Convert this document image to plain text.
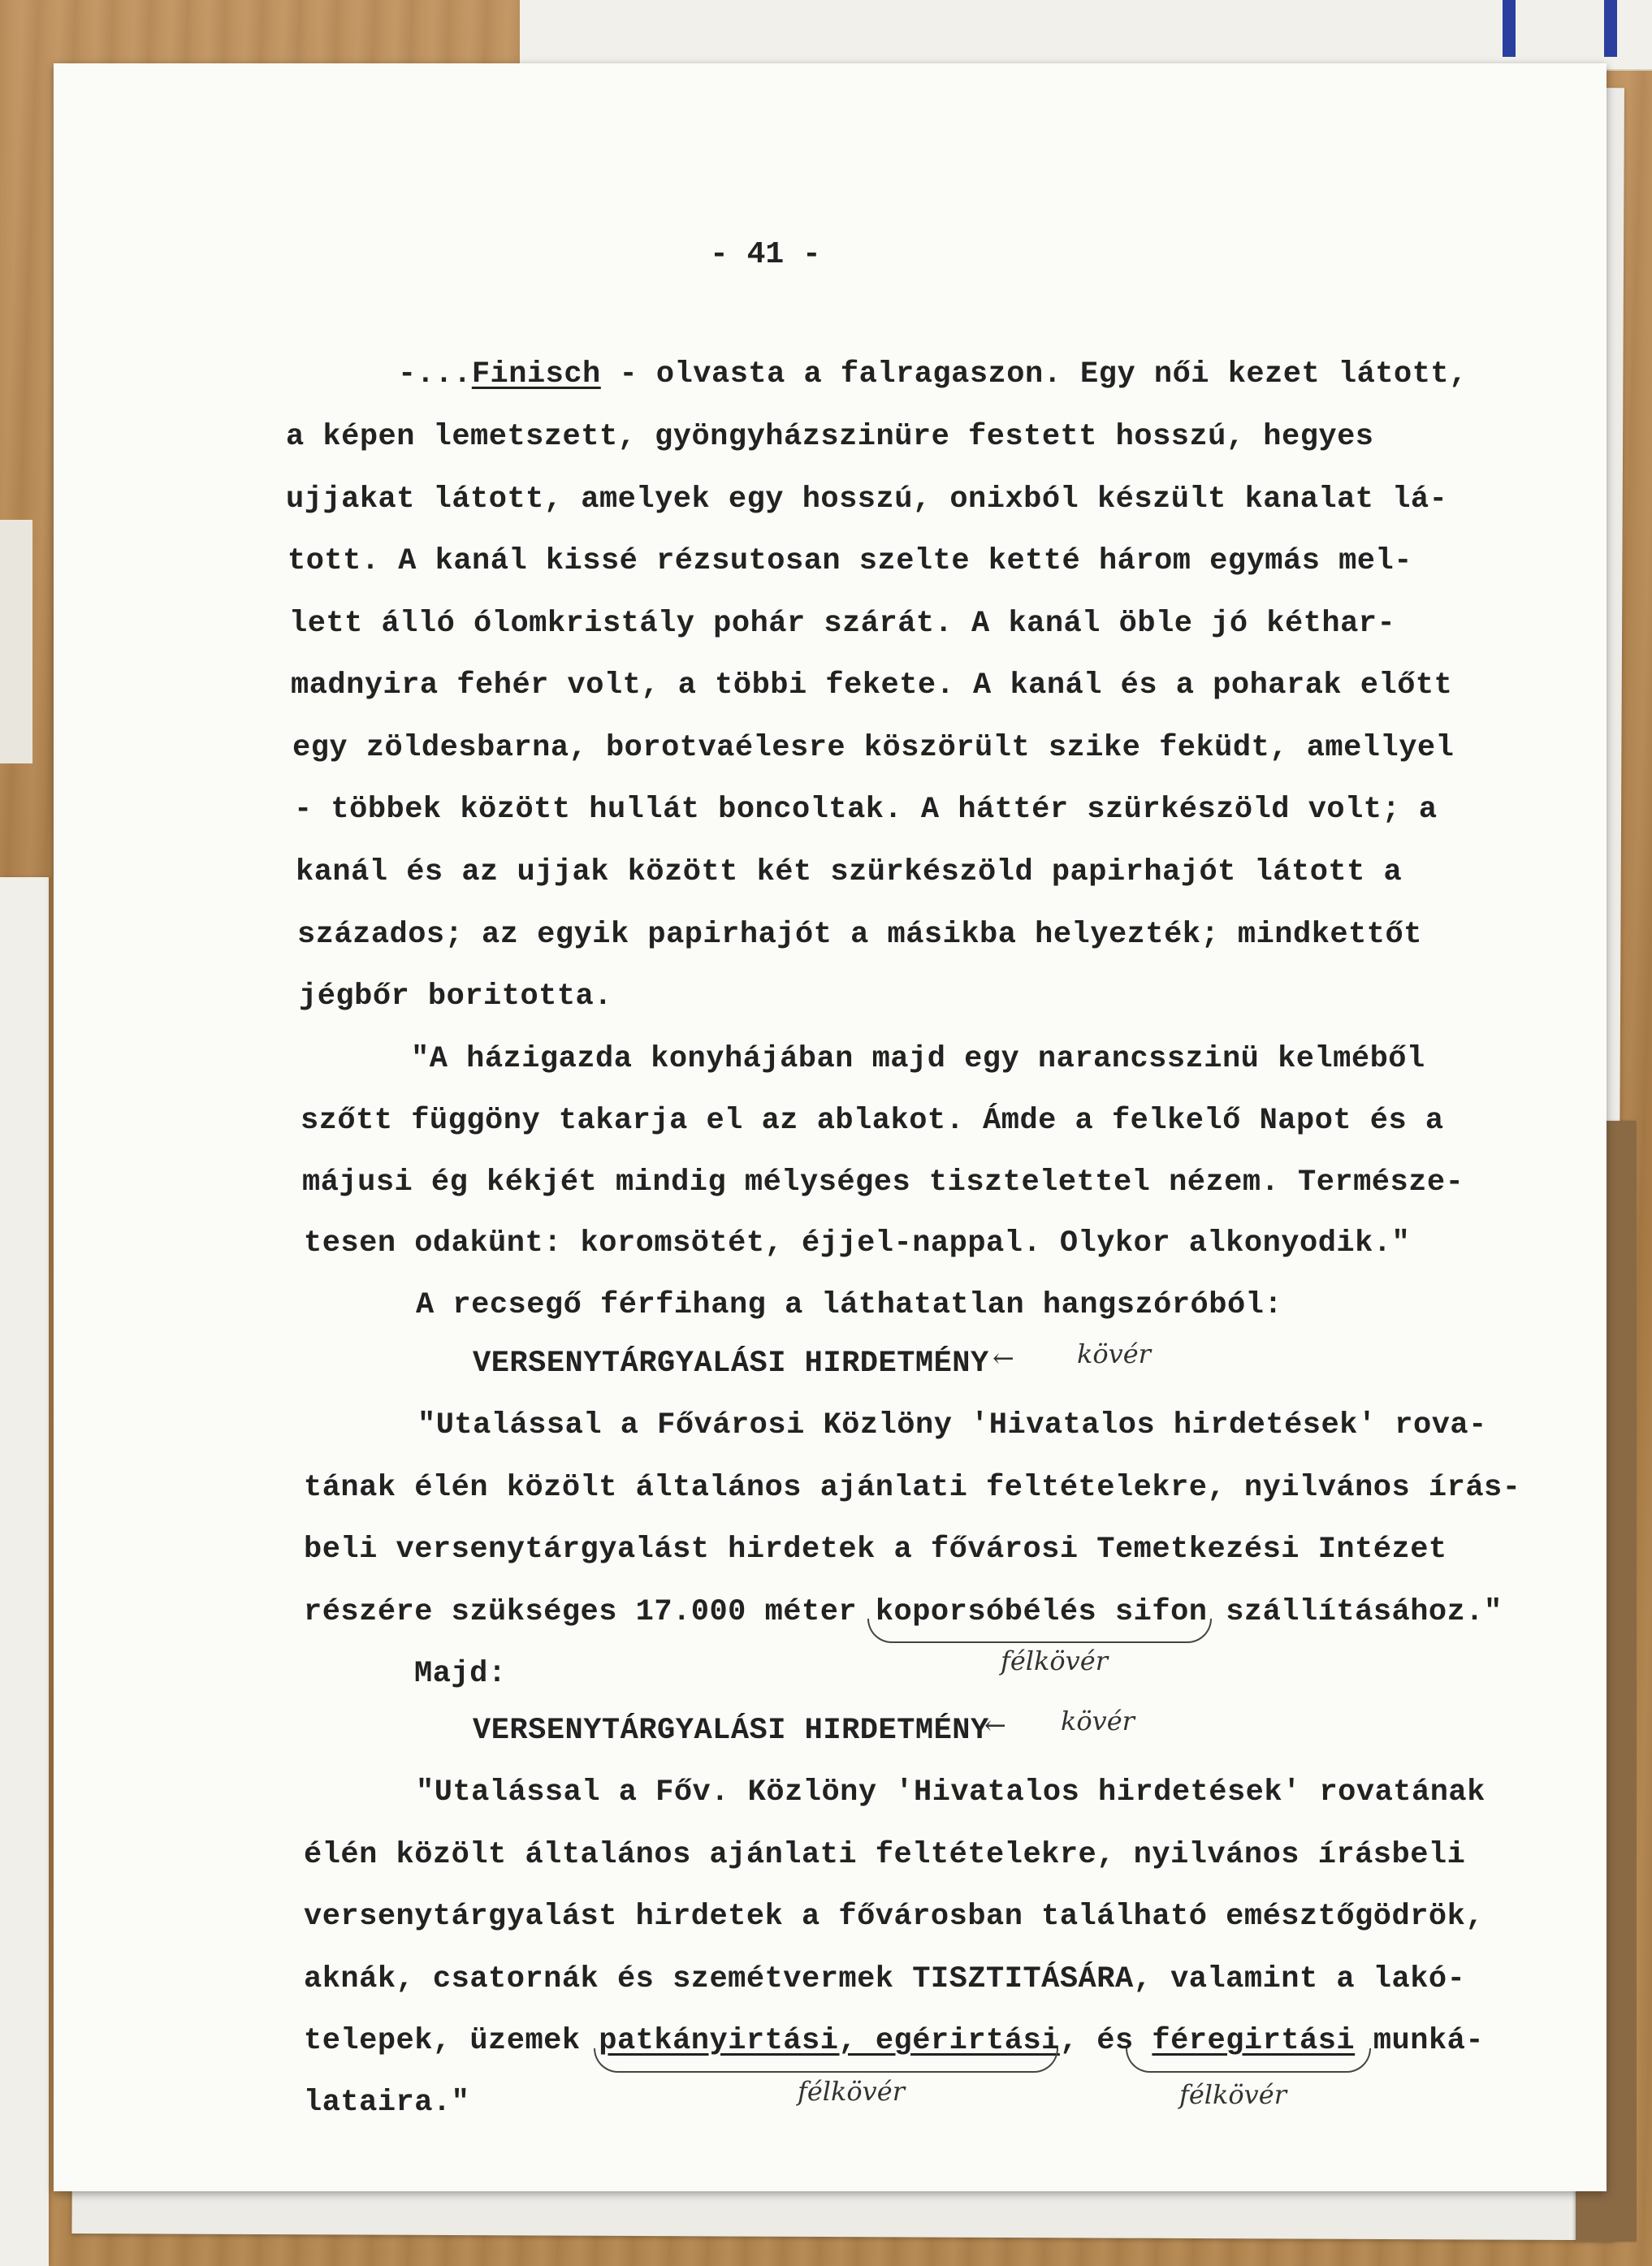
- 41 -
-...Finisch - olvasta a falragaszon. Egy női kezet látott,
a képen lemetszett, gyöngyházszinüre festett hosszú, hegyes
ujjakat látott, amelyek egy hosszú, onixból készült kanalat lá-
tott. A kanál kissé rézsutosan szelte ketté három egymás mel-
lett álló ólomkristály pohár szárát. A kanál öble jó kéthar-
madnyira fehér volt, a többi fekete. A kanál és a poharak előtt
egy zöldesbarna, borotvaélesre köszörült szike feküdt, amellyel
- többek között hullát boncoltak. A háttér szürkészöld volt; a
kanál és az ujjak között két szürkészöld papirhajót látott a
százados; az egyik papirhajót a másikba helyezték; mindkettőt
jégbőr boritotta.
"A házigazda konyhájában majd egy narancsszinü kelméből
szőtt függöny takarja el az ablakot. Ámde a felkelő Napot és a
májusi ég kékjét mindig mélységes tisztelettel nézem. Természe-
tesen odakünt: koromsötét, éjjel-nappal. Olykor alkonyodik."
A recsegő férfihang a láthatatlan hangszóróból:
VERSENYTÁRGYALÁSI HIRDETMÉNY
"Utalással a Fővárosi Közlöny 'Hivatalos hirdetések' rova-
tának élén közölt általános ajánlati feltételekre, nyilvános írás-
beli versenytárgyalást hirdetek a fővárosi Temetkezési Intézet
részére szükséges 17.000 méter koporsóbélés sifon szállításához."
Majd:
VERSENYTÁRGYALÁSI HIRDETMÉNY
"Utalással a Főv. Közlöny 'Hivatalos hirdetések' rovatának
élén közölt általános ajánlati feltételekre, nyilvános írásbeli
versenytárgyalást hirdetek a fővárosban található emésztőgödrök,
aknák, csatornák és szemétvermek TISZTITÁSÁRA, valamint a lakó-
telepek, üzemek patkányirtási, egérirtási, és féregirtási munká-
lataira."
← kövér
félkövér
← kövér
félkövér	félkövér
